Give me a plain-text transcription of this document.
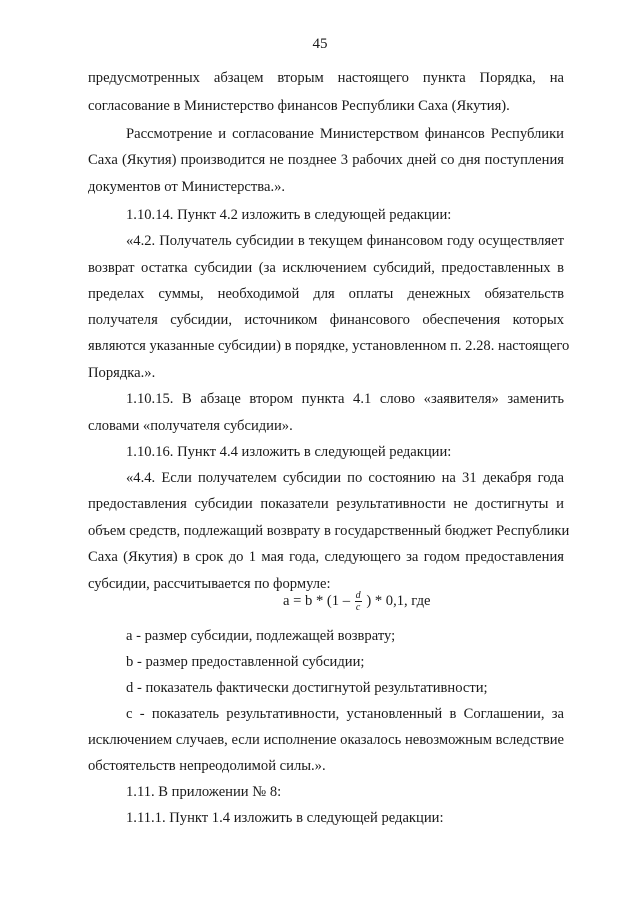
45
предусмотренных абзацем вторым настоящего пункта Порядка, на
согласование в Министерство финансов Республики Саха (Якутия).
Рассмотрение и согласование Министерством финансов Республики
Саха (Якутия) производится не позднее 3 рабочих дней со дня поступления
документов от Министерства.».
1.10.14. Пункт 4.2 изложить в следующей редакции:
«4.2. Получатель субсидии в текущем финансовом году осуществляет
возврат остатка субсидии (за исключением субсидий, предоставленных в
пределах суммы, необходимой для оплаты денежных обязательств
получателя субсидии, источником финансового обеспечения которых
являются указанные субсидии) в порядке, установленном п. 2.28. настоящего
Порядка.».
1.10.15. В абзаце втором пункта 4.1 слово «заявителя» заменить
словами «получателя субсидии».
1.10.16. Пункт 4.4 изложить в следующей редакции:
«4.4. Если получателем субсидии по состоянию на 31 декабря года
предоставления субсидии показатели результативности не достигнуты и
объем средств, подлежащий возврату в государственный бюджет Республики
Саха (Якутия) в срок до 1 мая года, следующего за годом предоставления
субсидии, рассчитывается по формуле:
$a = b * (1 - \frac{d}{c}$ ) * 0,1, где
a - размер субсидии, подлежащей возврату;
b - размер предоставленной субсидии;
d - показатель фактически достигнутой результативности;
c - показатель результативности, установленный в Соглашении, за
исключением случаев, если исполнение оказалось невозможным вследствие
обстоятельств непреодолимой силы.».
1.11. В приложении № 8:
1.11.1. Пункт 1.4 изложить в следующей редакции:
